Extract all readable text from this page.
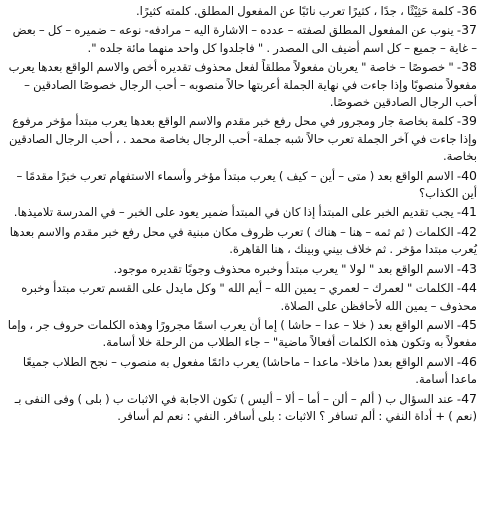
36- كلمة حَثِيْثًا ، جدًا ، كثيرًا تعرب نائبًا عن المفعول المطلق. كلمته كثيرًا.

37- ينوب عن المفعول المطلق لصفته – عدده – الاشارة اليه – مرادفه- نوعه – ضميره – كل – بعض – غاية – جميع – كل اسم أضيف الى المصدر . " فاجلدوا كل واحد منهما مائة جلده ".

38- " خصوصًا – خاصة " يعربان مفعولاً مطلقاً لفعل محذوف تقديره أخص والاسم الواقع بعدها يعرب مفعولاً منصوبًا وإذا جاءت في نهاية الجملة أعربتها حالاً منصوبه – أحب الرجال خصوصًا الصادقين – أحب الرجال الصادقين خصوصًا.

39- كلمة بخاصة جار ومجرور في محل رفع خبر مقدم والاسم الواقع بعدها يعرب مبتدأ مؤخر مرفوع وإذا جاءت في آخر الجملة تعرب حالاً شبه جملة- أحب الرجال بخاصة محمد . ، أحب الرجال الصادقين بخاصة.

40- الاسم الواقع بعد ( متى – أين – كيف ) يعرب مبتدأ مؤخر وأسماء الاستفهام تعرب خبرًا مقدمًا – أين الكذاب؟

41- يجب تقديم الخبر على المبتدأ إذا كان في المبتدأ ضمير يعود على الخبر – في المدرسة تلاميذها.

42- الكلمات ( ثم ثمه – هنا – هناك ) تعرب ظروف مكان مبنية في محل رفع خبر مقدم والاسم بعدها يُعرب مبتدا مؤخر . ثم خلاف بيني وبينك ، هنا القاهرة.

43- الاسم الواقع بعد " لولا " يعرب مبتدأ وخبره محذوف وجوبًا تقديره موجود.

44- الكلمات " لعمرك – لعمري – يمين الله – أيم الله " وكل مايدل على القسم تعرب مبتدأ وخبره محذوف – يمين الله لأحافظن على الصلاة.

45- الاسم الواقع بعد ( خلا – عدا – حاشا ) إما أن يعرب اسمًا مجرورًا وهذه الكلمات حروف جر ، وإما مفعولاً به وتكون هذه الكلمات أفعالاً ماضية" – جاء الطلاب من الرحلة خلا أسامة.

46- الاسم الواقع بعد( ماخلا- ماعدا – ماحاشا) يعرب دائمًا مفعول به منصوب – نجح الطلاب جميعًا ماعدا أسامة.

47- عند السؤال ب ( ألم – ألن – أما – ألا – أليس ) تكون الاجابة في الاثبات ب ( بلى ) وفى النفى بـ (نعم ) + أداة النفي : ألم تسافر ؟ الاثبات : بلى أسافر. النفي : نعم لم أسافر.
